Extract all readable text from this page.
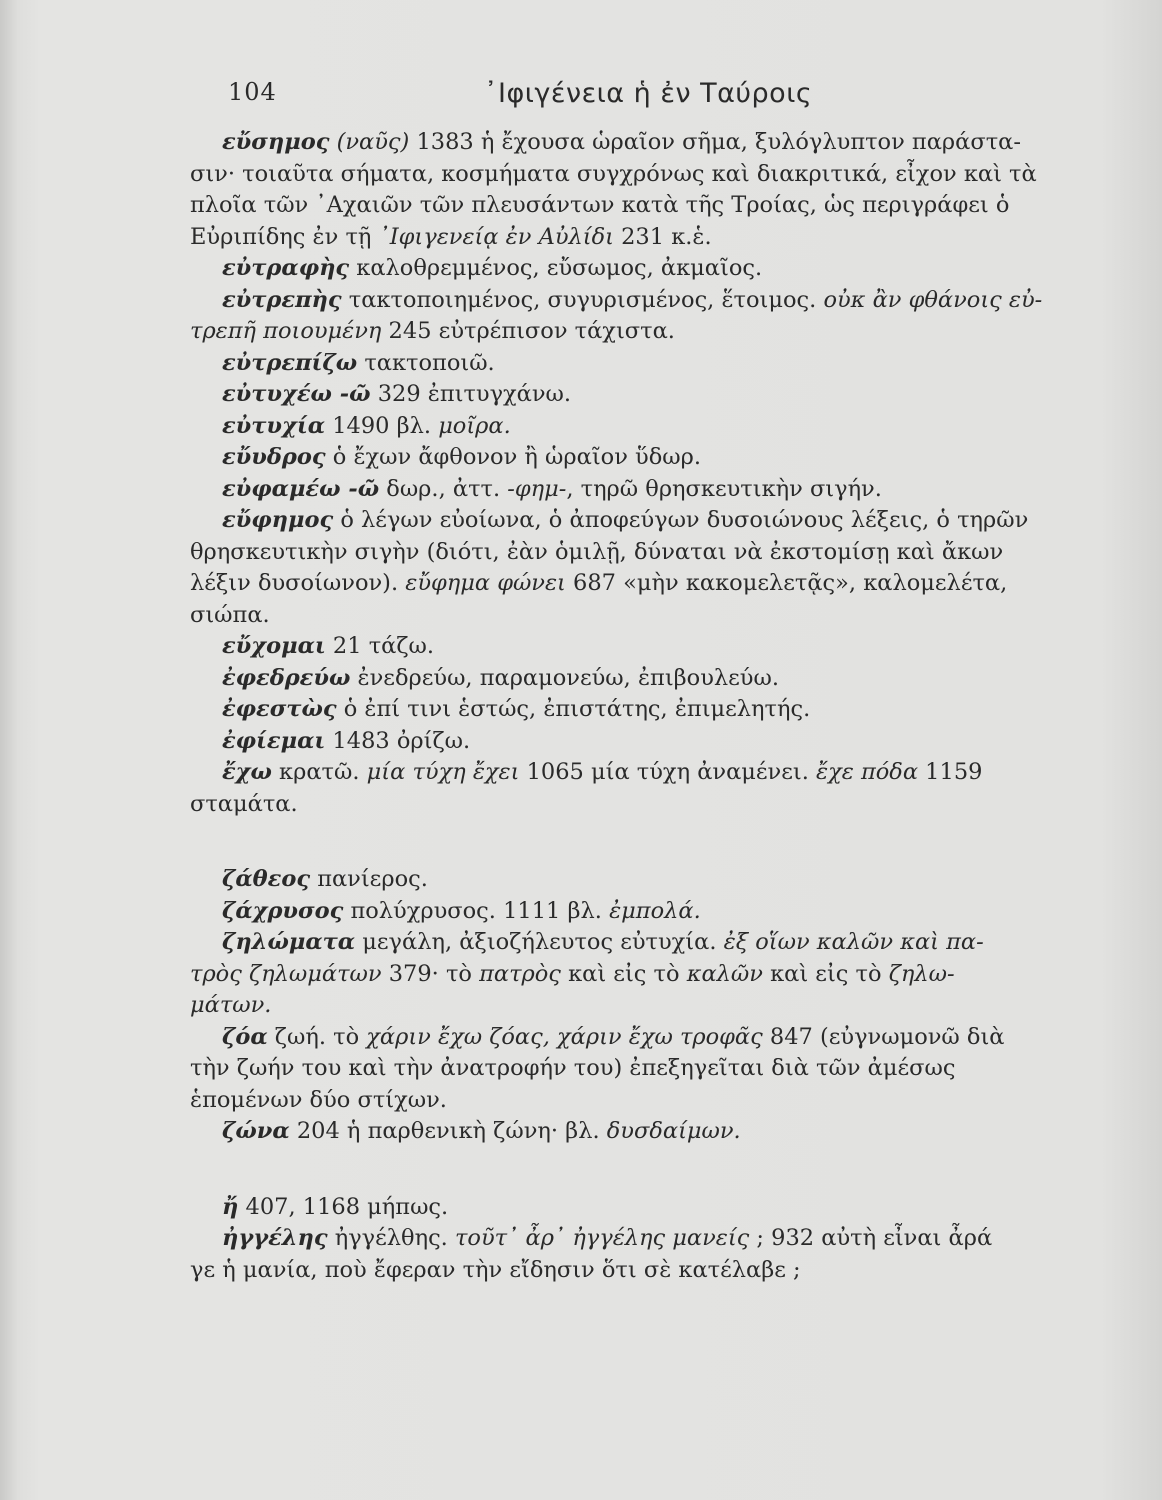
104	᾿Ιφιγένεια ἡ ἐν Ταύροις
εὔσημος (ναῦς) 1383 ἡ ἔχουσα ὡραῖον σῆμα, ξυλόγλυπτον παράστα-
σιν· τοιαῦτα σήματα, κοσμήματα συγχρόνως καὶ διακριτικά, εἶχον καὶ τὰ
πλοῖα τῶν ᾿Αχαιῶν τῶν πλευσάντων κατὰ τῆς Τροίας, ὡς περιγράφει ὁ
Εὐριπίδης ἐν τῇ ᾿Ιφιγενείᾳ ἐν Αὐλίδι 231 κ.ἑ.
εὐτραφὴς καλοθρεμμένος, εὔσωμος, ἀκμαῖος.
εὐτρεπὴς τακτοποιημένος, συγυρισμένος, ἕτοιμος. οὐκ ἂν φθάνοις εὐ-
τρεπῆ ποιουμένη 245 εὐτρέπισον τάχιστα.
εὐτρεπίζω τακτοποιῶ.
εὐτυχέω -ῶ 329 ἐπιτυγχάνω.
εὐτυχία 1490 βλ. μοῖρα.
εὔυδρος ὁ ἔχων ἄφθονον ἢ ὡραῖον ὕδωρ.
εὐφαμέω -ῶ δωρ., ἀττ. -φημ-, τηρῶ θρησκευτικὴν σιγήν.
εὔφημος ὁ λέγων εὐοίωνα, ὁ ἀποφεύγων δυσοιώνους λέξεις, ὁ τηρῶν
θρησκευτικὴν σιγὴν (διότι, ἐὰν ὁμιλῇ, δύναται νὰ ἐκστομίσῃ καὶ ἄκων
λέξιν δυσοίωνον). εὔφημα φώνει 687 «μὴν κακομελετᾷς», καλομελέτα,
σιώπα.
εὔχομαι 21 τάζω.
ἐφεδρεύω ἐνεδρεύω, παραμονεύω, ἐπιβουλεύω.
ἐφεστὼς ὁ ἐπί τινι ἑστώς, ἐπιστάτης, ἐπιμελητής.
ἐφίεμαι 1483 ὀρίζω.
ἔχω κρατῶ. μία τύχη ἔχει 1065 μία τύχη ἀναμένει. ἔχε πόδα 1159
σταμάτα.
ζάθεος πανίερος.
ζάχρυσος πολύχρυσος. 1111 βλ. ἐμπολά.
ζηλώματα μεγάλη, ἀξιοζήλευτος εὐτυχία. ἐξ οἵων καλῶν καὶ πα-
τρὸς ζηλωμάτων 379· τὸ πατρὸς καὶ εἰς τὸ καλῶν καὶ εἰς τὸ ζηλω-
μάτων.
ζόα ζωή. τὸ χάριν ἔχω ζόας, χάριν ἔχω τροφᾶς 847 (εὐγνωμονῶ διὰ
τὴν ζωήν του καὶ τὴν ἀνατροφήν του) ἐπεξηγεῖται διὰ τῶν ἀμέσως
ἑπομένων δύο στίχων.
ζώνα 204 ἡ παρθενικὴ ζώνη· βλ. δυσδαίμων.
ἤ 407, 1168 μήπως.
ἠγγέλης ἠγγέλθης. τοῦτ᾿ ἆρ᾿ ἠγγέλης μανείς ; 932 αὐτὴ εἶναι ἆρά
γε ἡ μανία, ποὺ ἔφεραν τὴν εἴδησιν ὅτι σὲ κατέλαβε ;
